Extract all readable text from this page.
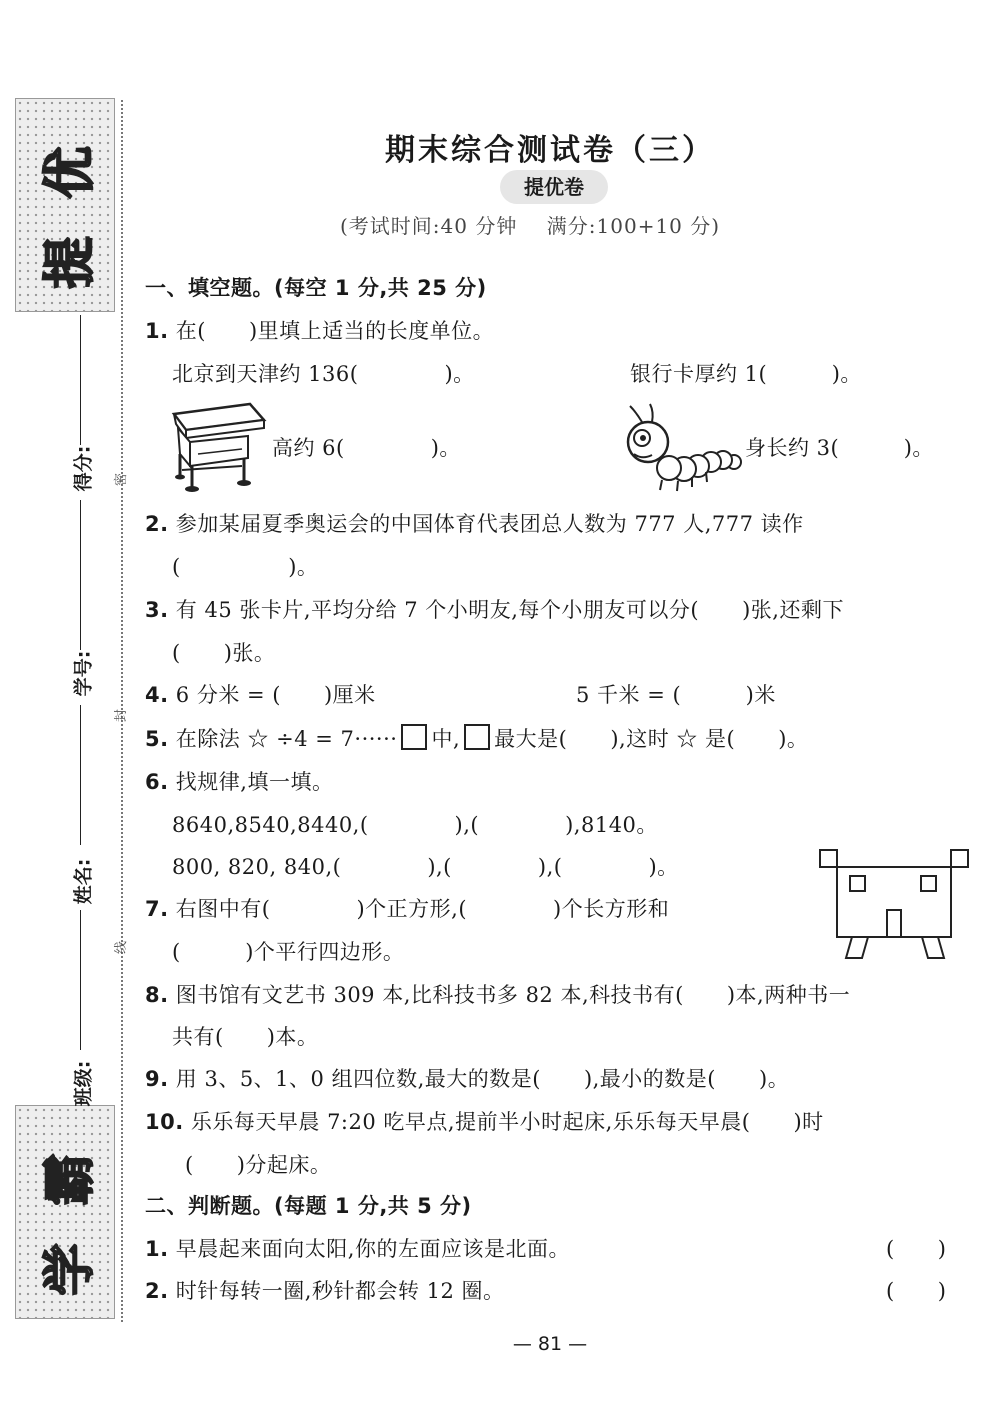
提
优
学
霸
得分:
学号:
姓名:
班级:
密
封
线
期末综合测试卷（三）
提优卷
(考试时间:40 分钟    满分:100+10 分)
一、填空题。(每空 1 分,共 25 分)
1. 在(　　)里填上适当的长度单位。
北京到天津约 136(　　　　)。	银行卡厚约 1(　　　)。
高约 6(　　　　)。	身长约 3(　　　)。
2. 参加某届夏季奥运会的中国体育代表团总人数为 777 人,777 读作
(　　　　　)。
3. 有 45 张卡片,平均分给 7 个小明友,每个小朋友可以分(　　)张,还剩下
(　　)张。
4. 6 分米 = (　　)厘米	5 千米 = (　　　)米
5. 在除法 ☆ ÷4 = 7······ 中, 最大是(　　),这时 ☆ 是(　　)。
6. 找规律,填一填。
8640,8540,8440,(　　　　),(　　　　),8140。
800, 820, 840,(　　　　),(　　　　),(　　　　)。
7. 右图中有(　　　　)个正方形,(　　　　)个长方形和
(　　　)个平行四边形。
8. 图书馆有文艺书 309 本,比科技书多 82 本,科技书有(　　)本,两种书一
共有(　　)本。
9. 用 3、5、1、0 组四位数,最大的数是(　　),最小的数是(　　)。
10. 乐乐每天早晨 7:20 吃早点,提前半小时起床,乐乐每天早晨(　　)时
(　　)分起床。
二、判断题。(每题 1 分,共 5 分)
1. 早晨起来面向太阳,你的左面应该是北面。	(　　)
2. 时针每转一圈,秒针都会转 12 圈。	(　　)
— 81 —
